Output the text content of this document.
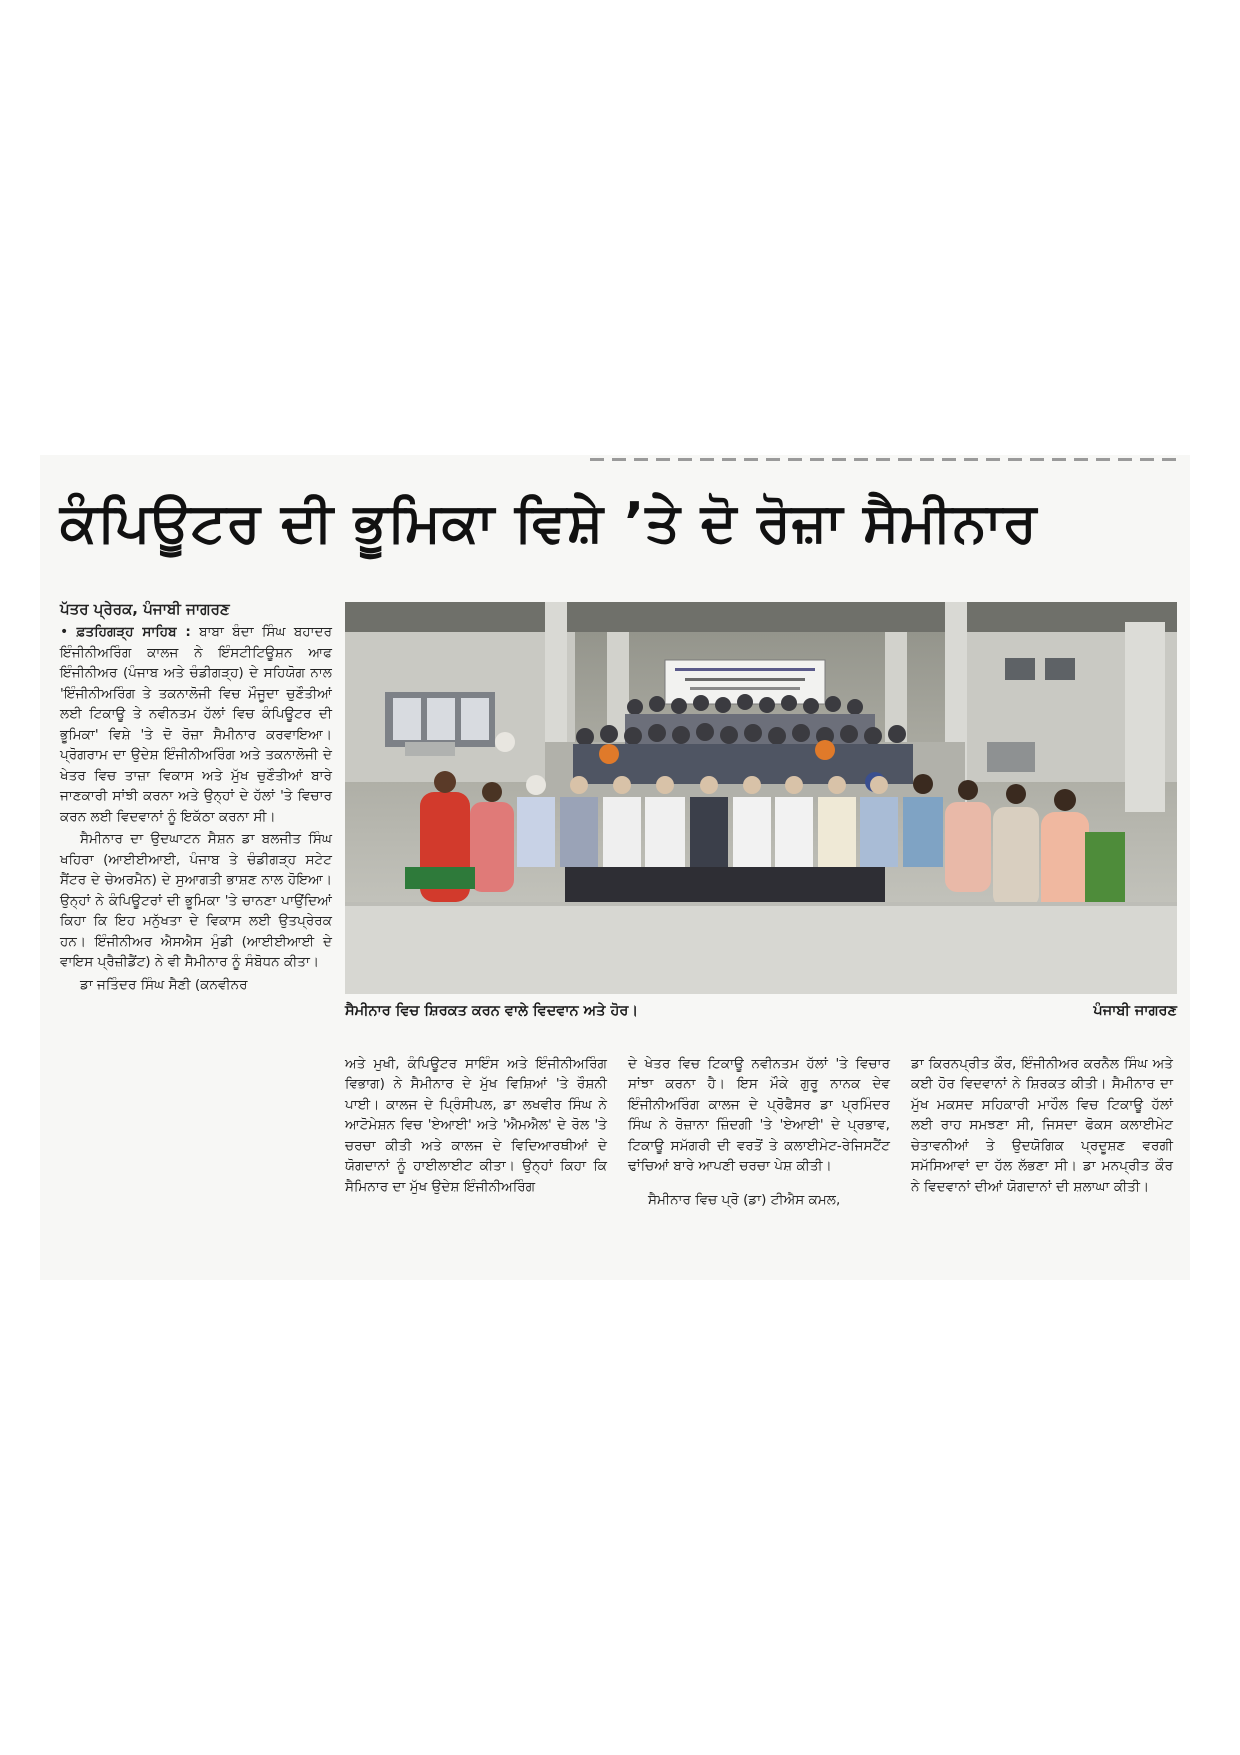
ਕੰਪਿਊਟਰ ਦੀ ਭੂਮਿਕਾ ਵਿਸ਼ੇ ’ਤੇ ਦੋ ਰੋਜ਼ਾ ਸੈਮੀਨਾਰ
ਪੱਤਰ ਪ੍ਰੇਰਕ, ਪੰਜਾਬੀ ਜਾਗਰਣ

• ਫ਼ਤਹਿਗੜ੍ਹ ਸਾਹਿਬ : ਬਾਬਾ ਬੰਦਾ ਸਿੰਘ ਬਹਾਦਰ ਇੰਜੀਨੀਅਰਿੰਗ ਕਾਲਜ ਨੇ ਇੰਸਟੀਟਿਊਸ਼ਨ ਆਫ ਇੰਜੀਨੀਅਰ (ਪੰਜਾਬ ਅਤੇ ਚੰਡੀਗੜ੍ਹ) ਦੇ ਸਹਿਯੋਗ ਨਾਲ 'ਇੰਜੀਨੀਅਰਿੰਗ ਤੇ ਤਕਨਾਲੋਜੀ ਵਿਚ ਮੌਜੂਦਾ ਚੁਣੌਤੀਆਂ ਲਈ ਟਿਕਾਊ ਤੇ ਨਵੀਨਤਮ ਹੱਲਾਂ ਵਿਚ ਕੰਪਿਊਟਰ ਦੀ ਭੂਮਿਕਾ' ਵਿਸ਼ੇ 'ਤੇ ਦੋ ਰੋਜ਼ਾ ਸੈਮੀਨਾਰ ਕਰਵਾਇਆ। ਪ੍ਰੋਗਰਾਮ ਦਾ ਉਦੇਸ਼ ਇੰਜੀਨੀਅਰਿੰਗ ਅਤੇ ਤਕਨਾਲੋਜੀ ਦੇ ਖੇਤਰ ਵਿਚ ਤਾਜ਼ਾ ਵਿਕਾਸ ਅਤੇ ਮੁੱਖ ਚੁਣੌਤੀਆਂ ਬਾਰੇ ਜਾਣਕਾਰੀ ਸਾਂਝੀ ਕਰਨਾ ਅਤੇ ਉਨ੍ਹਾਂ ਦੇ ਹੱਲਾਂ 'ਤੇ ਵਿਚਾਰ ਕਰਨ ਲਈ ਵਿਦਵਾਨਾਂ ਨੂੰ ਇਕੱਠਾ ਕਰਨਾ ਸੀ।

ਸੈਮੀਨਾਰ ਦਾ ਉਦਘਾਟਨ ਸੈਸ਼ਨ ਡਾ ਬਲਜੀਤ ਸਿੰਘ ਖਹਿਰਾ (ਆਈਈਆਈ, ਪੰਜਾਬ ਤੇ ਚੰਡੀਗੜ੍ਹ ਸਟੇਟ ਸੈਂਟਰ ਦੇ ਚੇਅਰਮੈਨ) ਦੇ ਸੁਆਗਤੀ ਭਾਸ਼ਣ ਨਾਲ ਹੋਇਆ। ਉਨ੍ਹਾਂ ਨੇ ਕੰਪਿਊਟਰਾਂ ਦੀ ਭੂਮਿਕਾ 'ਤੇ ਚਾਨਣਾ ਪਾਉਂਦਿਆਂ ਕਿਹਾ ਕਿ ਇਹ ਮਨੁੱਖਤਾ ਦੇ ਵਿਕਾਸ ਲਈ ਉਤਪ੍ਰੇਰਕ ਹਨ। ਇੰਜੀਨੀਅਰ ਐਸਐਸ ਮੁੰਡੀ (ਆਈਈਆਈ ਦੇ ਵਾਇਸ ਪ੍ਰੈਜ਼ੀਡੈਂਟ) ਨੇ ਵੀ ਸੈਮੀਨਾਰ ਨੂੰ ਸੰਬੋਧਨ ਕੀਤਾ।

ਡਾ ਜਤਿੰਦਰ ਸਿੰਘ ਸੈਣੀ (ਕਨਵੀਨਰ

ਸੈਮੀਨਾਰ ਵਿਚ ਸ਼ਿਰਕਤ ਕਰਨ ਵਾਲੇ ਵਿਦਵਾਨ ਅਤੇ ਹੋਰ।	ਪੰਜਾਬੀ ਜਾਗਰਣ

ਅਤੇ ਮੁਖੀ, ਕੰਪਿਊਟਰ ਸਾਇੰਸ ਅਤੇ ਇੰਜੀਨੀਅਰਿੰਗ ਵਿਭਾਗ) ਨੇ ਸੈਮੀਨਾਰ ਦੇ ਮੁੱਖ ਵਿਸ਼ਿਆਂ 'ਤੇ ਰੌਸ਼ਨੀ ਪਾਈ। ਕਾਲਜ ਦੇ ਪ੍ਰਿੰਸੀਪਲ, ਡਾ ਲਖਵੀਰ ਸਿੰਘ ਨੇ ਆਟੋਮੇਸ਼ਨ ਵਿਚ 'ਏਆਈ' ਅਤੇ 'ਐਮਐਲ' ਦੇ ਰੋਲ 'ਤੇ ਚਰਚਾ ਕੀਤੀ ਅਤੇ ਕਾਲਜ ਦੇ ਵਿਦਿਆਰਥੀਆਂ ਦੇ ਯੋਗਦਾਨਾਂ ਨੂੰ ਹਾਈਲਾਈਟ ਕੀਤਾ। ਉਨ੍ਹਾਂ ਕਿਹਾ ਕਿ ਸੈਮਿਨਾਰ ਦਾ ਮੁੱਖ ਉਦੇਸ਼ ਇੰਜੀਨੀਅਰਿੰਗ

ਦੇ ਖੇਤਰ ਵਿਚ ਟਿਕਾਊ ਨਵੀਨਤਮ ਹੱਲਾਂ 'ਤੇ ਵਿਚਾਰ ਸਾਂਝਾ ਕਰਨਾ ਹੈ। ਇਸ ਮੌਕੇ ਗੁਰੂ ਨਾਨਕ ਦੇਵ ਇੰਜੀਨੀਅਰਿੰਗ ਕਾਲਜ ਦੇ ਪ੍ਰੋਫੈਸਰ ਡਾ ਪ੍ਰਮਿੰਦਰ ਸਿੰਘ ਨੇ ਰੋਜ਼ਾਨਾ ਜ਼ਿੰਦਗੀ 'ਤੇ 'ਏਆਈ' ਦੇ ਪ੍ਰਭਾਵ, ਟਿਕਾਊ ਸਮੱਗਰੀ ਦੀ ਵਰਤੋਂ ਤੇ ਕਲਾਈਮੇਟ-ਰੇਜਿਸਟੈਂਟ ਢਾਂਚਿਆਂ ਬਾਰੇ ਆਪਣੀ ਚਰਚਾ ਪੇਸ਼ ਕੀਤੀ।

ਸੈਮੀਨਾਰ ਵਿਚ ਪ੍ਰੋ (ਡਾ) ਟੀਐਸ ਕਮਲ,

ਡਾ ਕਿਰਨਪ੍ਰੀਤ ਕੌਰ, ਇੰਜੀਨੀਅਰ ਕਰਨੈਲ ਸਿੰਘ ਅਤੇ ਕਈ ਹੋਰ ਵਿਦਵਾਨਾਂ ਨੇ ਸ਼ਿਰਕਤ ਕੀਤੀ। ਸੈਮੀਨਾਰ ਦਾ ਮੁੱਖ ਮਕਸਦ ਸਹਿਕਾਰੀ ਮਾਹੌਲ ਵਿਚ ਟਿਕਾਊ ਹੱਲਾਂ ਲਈ ਰਾਹ ਸਮਝਣਾ ਸੀ, ਜਿਸਦਾ ਫੋਕਸ ਕਲਾਈਮੇਟ ਚੇਤਾਵਨੀਆਂ ਤੇ ਉਦਯੋਗਿਕ ਪ੍ਰਦੂਸ਼ਣ ਵਰਗੀ ਸਮੱਸਿਆਵਾਂ ਦਾ ਹੱਲ ਲੱਭਣਾ ਸੀ। ਡਾ ਮਨਪ੍ਰੀਤ ਕੌਰ ਨੇ ਵਿਦਵਾਨਾਂ ਦੀਆਂ ਯੋਗਦਾਨਾਂ ਦੀ ਸ਼ਲਾਘਾ ਕੀਤੀ।
